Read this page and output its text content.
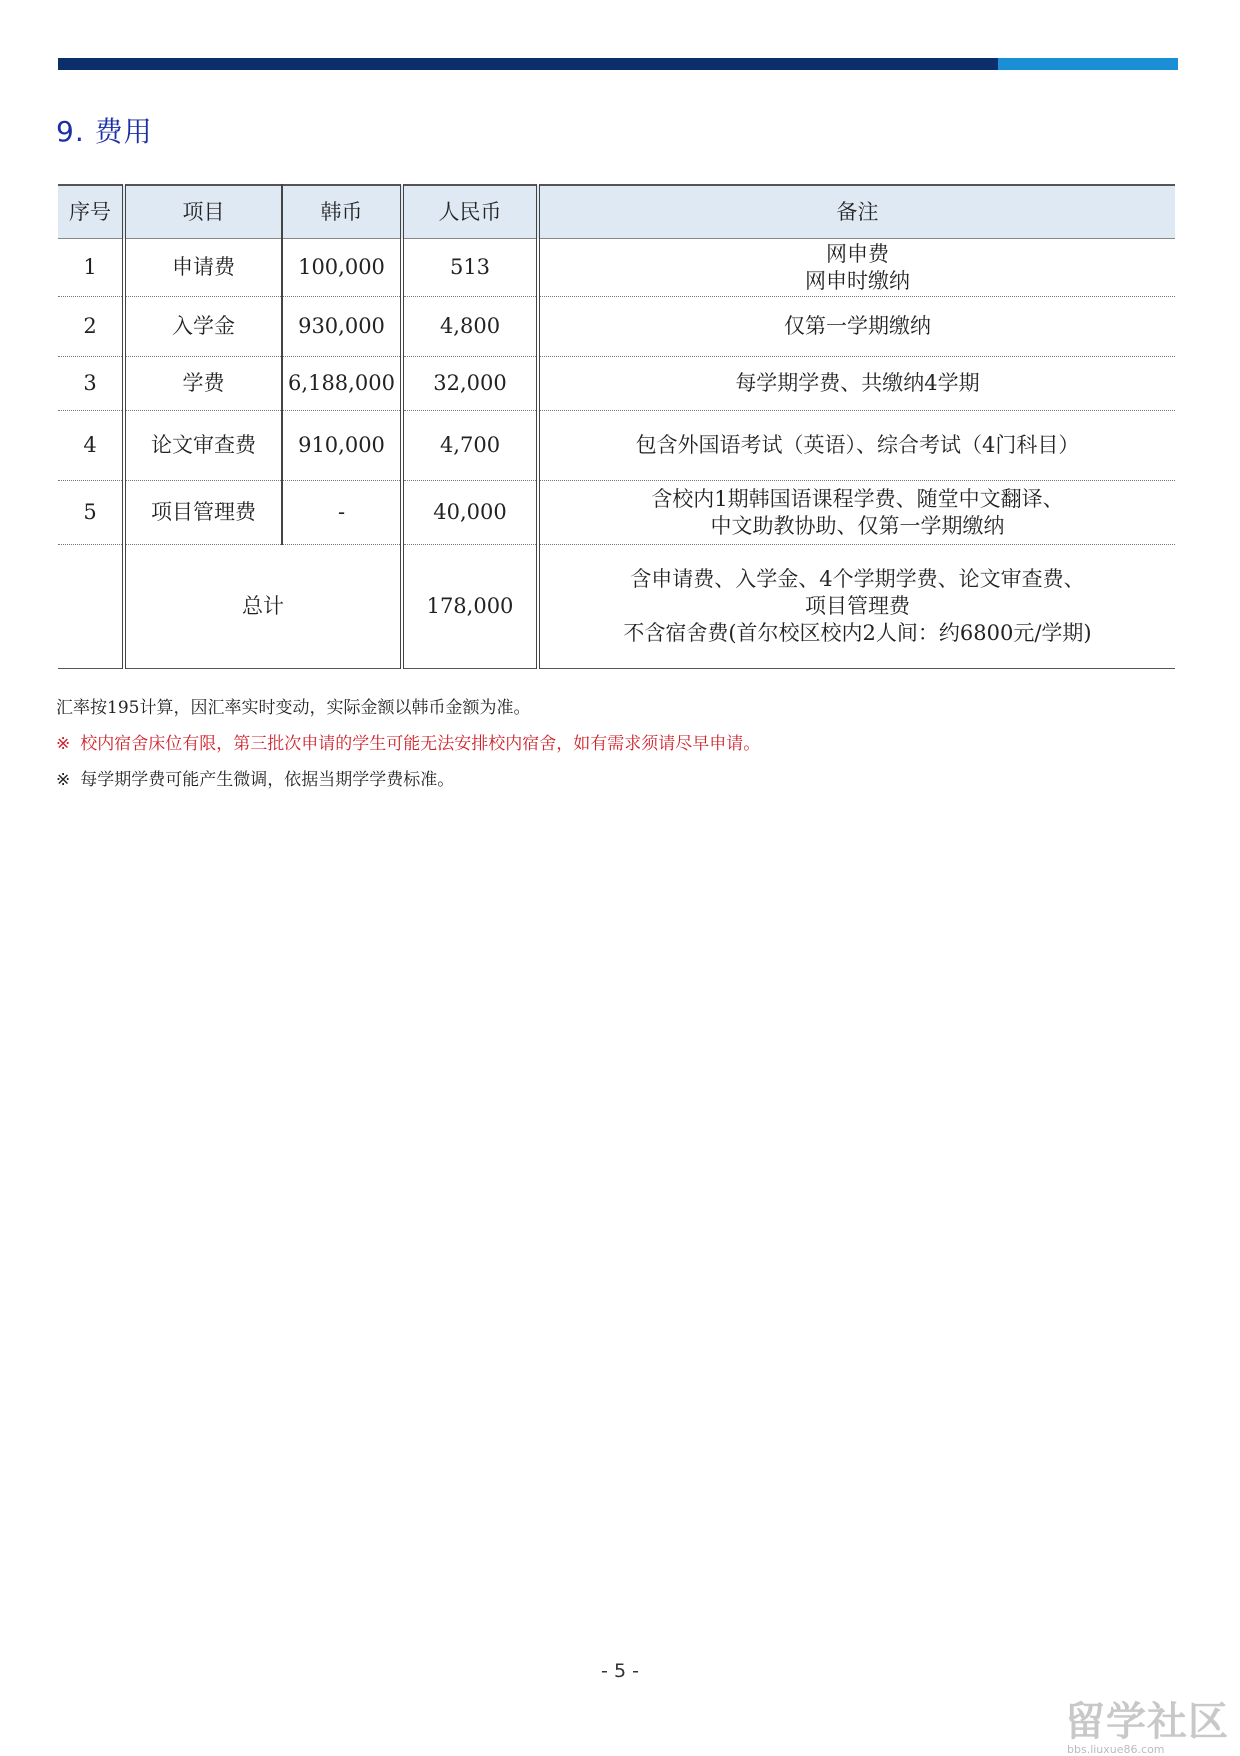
9. 费用
序号	项目	韩币	人民币	备注
1	申请费	100,000	513	网申费
网申时缴纳

2	入学金	930,000	4,800	仅第一学期缴纳

3	学费	6,188,000	32,000	每学期学费、共缴纳4学期

4	论文审查费	910,000	4,700	包含外国语考试（英语）、综合考试（4门科目）

5	项目管理费	-	40,000	含校内1期韩国语课程学费、随堂中文翻译、
中文助教协助、仅第一学期缴纳

	总计		178,000	含申请费、入学金、4个学期学费、论文审查费、
项目管理费
不含宿舍费(首尔校区校内2人间：约6800元/学期)
汇率按195计算，因汇率实时变动，实际金额以韩币金额为准。
※ 校内宿舍床位有限，第三批次申请的学生可能无法安排校内宿舍，如有需求须请尽早申请。
※ 每学期学费可能产生微调，依据当期学学费标准。
- 5 -
留学社区
bbs.liuxue86.com
